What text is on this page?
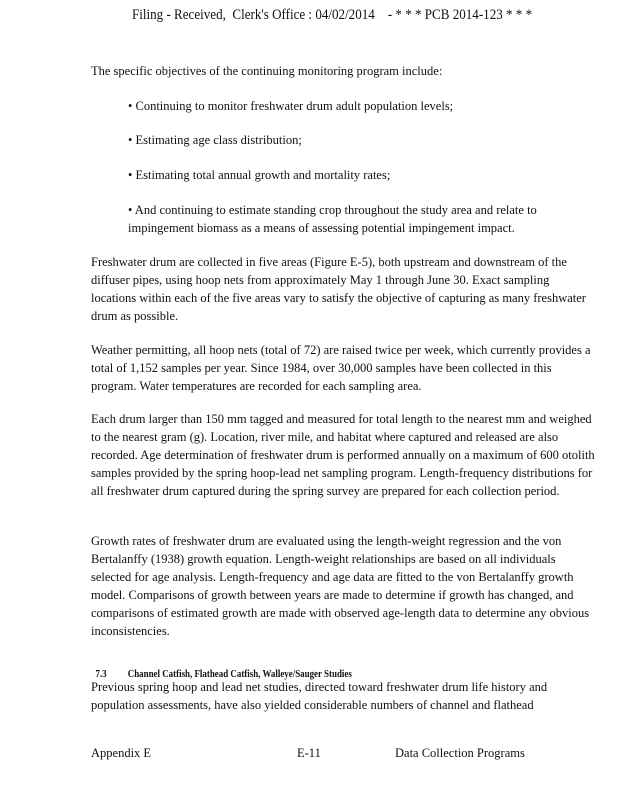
Filing - Received,  Clerk's Office : 04/02/2014    - * * * PCB 2014-123 * * *

The specific objectives of the continuing monitoring program include:

• Continuing to monitor freshwater drum adult population levels;

• Estimating age class distribution;

• Estimating total annual growth and mortality rates;

• And continuing to estimate standing crop throughout the study area and relate to impingement biomass as a means of assessing potential impingement impact.

Freshwater drum are collected in five areas (Figure E-5), both upstream and downstream of the diffuser pipes, using hoop nets from approximately May 1 through June 30. Exact sampling locations within each of the five areas vary to satisfy the objective of capturing as many freshwater drum as possible.

Weather permitting, all hoop nets (total of 72) are raised twice per week, which currently provides a total of 1,152 samples per year. Since 1984, over 30,000 samples have been collected in this program. Water temperatures are recorded for each sampling area.

Each drum larger than 150 mm tagged and measured for total length to the nearest mm and weighed to the nearest gram (g). Location, river mile, and habitat where captured and released are also recorded. Age determination of freshwater drum is performed annually on a maximum of 600 otolith samples provided by the spring hoop-lead net sampling program. Length-frequency distributions for all freshwater drum captured during the spring survey are prepared for each collection period.

Growth rates of freshwater drum are evaluated using the length-weight regression and the von Bertalanffy (1938) growth equation. Length-weight relationships are based on all individuals selected for age analysis. Length-frequency and age data are fitted to the von Bertalanffy growth model. Comparisons of growth between years are made to determine if growth has changed, and comparisons of estimated growth are made with observed age-length data to determine any obvious inconsistencies.

7.3 Channel Catfish, Flathead Catfish, Walleye/Sauger Studies

Previous spring hoop and lead net studies, directed toward freshwater drum life history and population assessments, have also yielded considerable numbers of channel and flathead

Appendix E	E-11	Data Collection Programs
